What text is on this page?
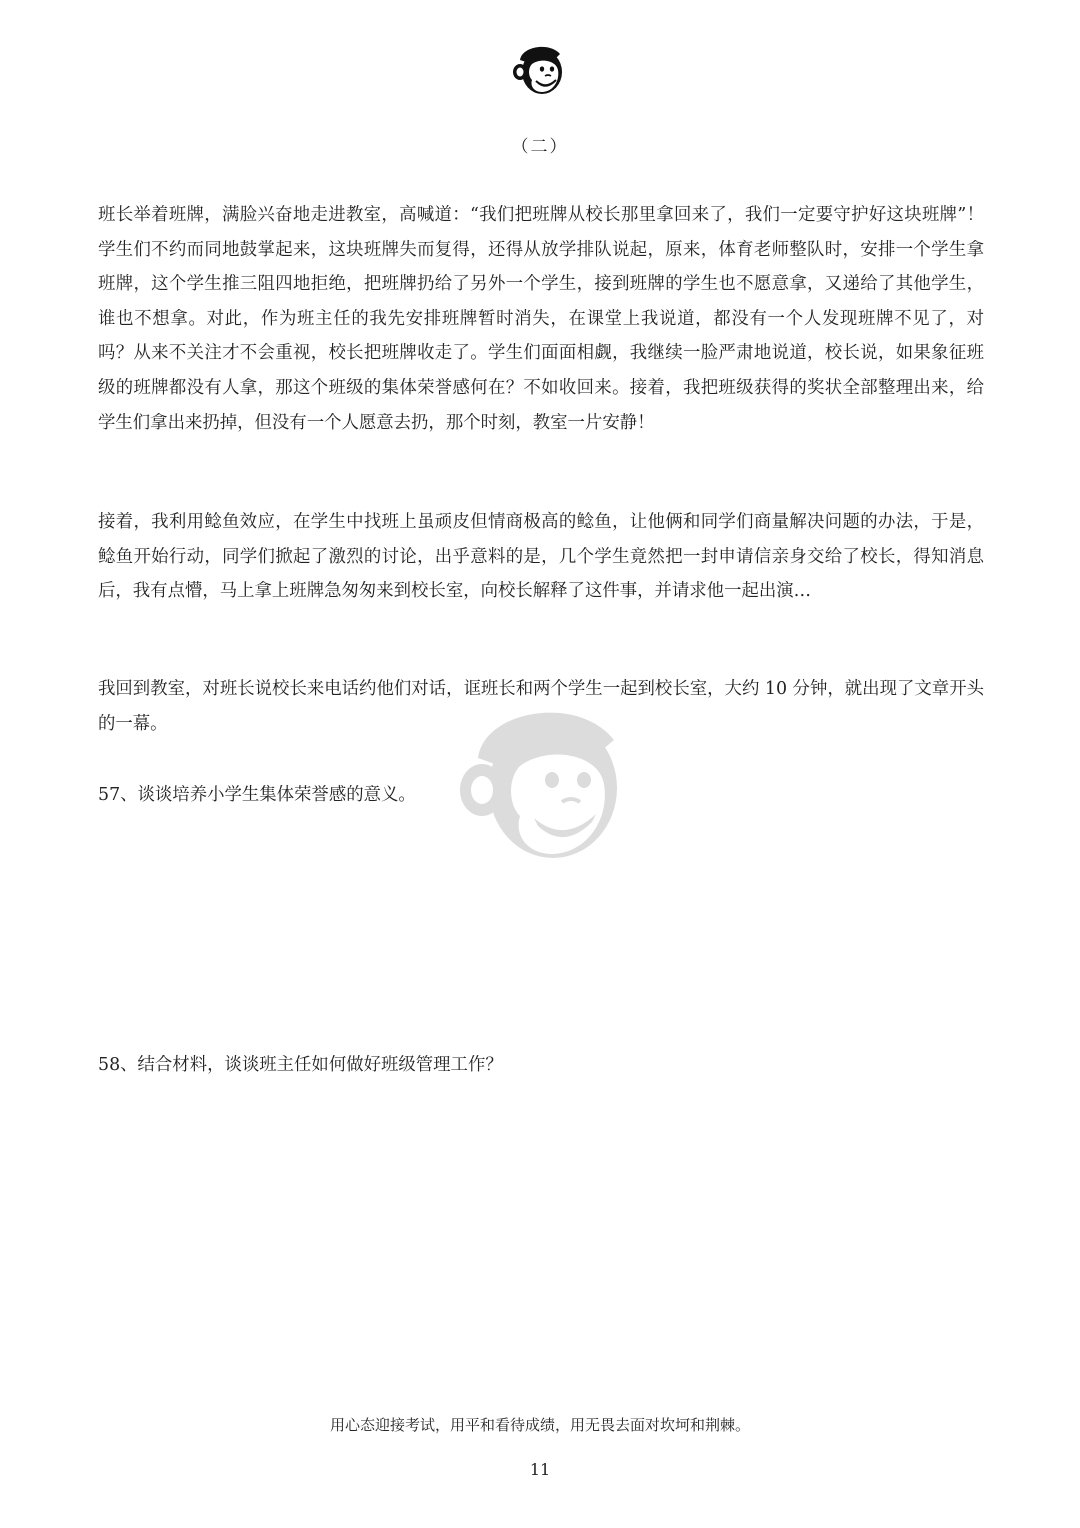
（二）

班长举着班牌，满脸兴奋地走进教室，高喊道：“我们把班牌从校长那里拿回来了，我们一定要守护好这块班牌”！学生们不约而同地鼓掌起来，这块班牌失而复得，还得从放学排队说起，原来，体育老师整队时，安排一个学生拿班牌，这个学生推三阻四地拒绝，把班牌扔给了另外一个学生，接到班牌的学生也不愿意拿，又递给了其他学生，谁也不想拿。对此，作为班主任的我先安排班牌暂时消失，在课堂上我说道，都没有一个人发现班牌不见了，对吗？从来不关注才不会重视，校长把班牌收走了。学生们面面相觑，我继续一脸严肃地说道，校长说，如果象征班级的班牌都没有人拿，那这个班级的集体荣誉感何在？不如收回来。接着，我把班级获得的奖状全部整理出来，给学生们拿出来扔掉，但没有一个人愿意去扔，那个时刻，教室一片安静！

接着，我利用鲶鱼效应，在学生中找班上虽顽皮但情商极高的鲶鱼，让他俩和同学们商量解决问题的办法，于是，鲶鱼开始行动，同学们掀起了激烈的讨论，出乎意料的是，几个学生竟然把一封申请信亲身交给了校长，得知消息后，我有点懵，马上拿上班牌急匆匆来到校长室，向校长解释了这件事，并请求他一起出演…

我回到教室，对班长说校长来电话约他们对话，诓班长和两个学生一起到校长室，大约 10 分钟，就出现了文章开头的一幕。

57、谈谈培养小学生集体荣誉感的意义。

58、结合材料，谈谈班主任如何做好班级管理工作？

用心态迎接考试，用平和看待成绩，用无畏去面对坎坷和荆棘。
11
